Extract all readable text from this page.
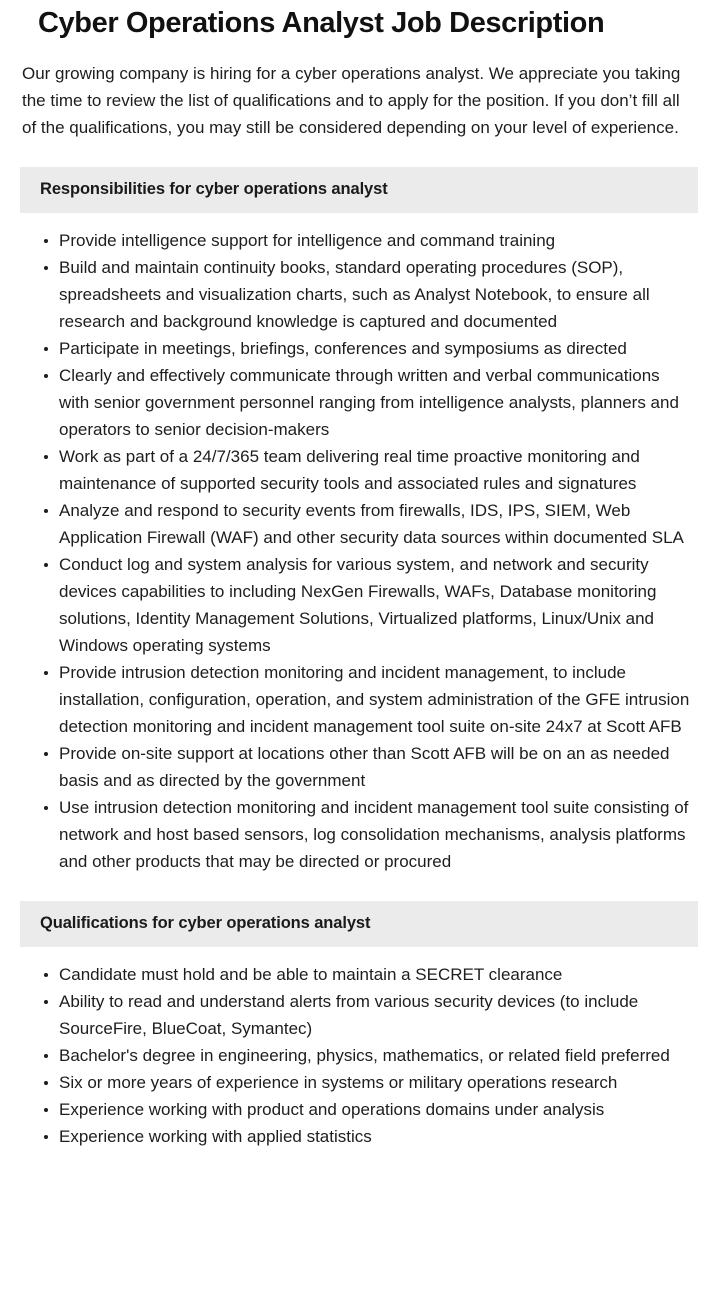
Cyber Operations Analyst Job Description

Our growing company is hiring for a cyber operations analyst. We appreciate you taking the time to review the list of qualifications and to apply for the position. If you don’t fill all of the qualifications, you may still be considered depending on your level of experience.

Responsibilities for cyber operations analyst
Provide intelligence support for intelligence and command training
Build and maintain continuity books, standard operating procedures (SOP), spreadsheets and visualization charts, such as Analyst Notebook, to ensure all research and background knowledge is captured and documented
Participate in meetings, briefings, conferences and symposiums as directed
Clearly and effectively communicate through written and verbal communications with senior government personnel ranging from intelligence analysts, planners and operators to senior decision-makers
Work as part of a 24/7/365 team delivering real time proactive monitoring and maintenance of supported security tools and associated rules and signatures
Analyze and respond to security events from firewalls, IDS, IPS, SIEM, Web Application Firewall (WAF) and other security data sources within documented SLA
Conduct log and system analysis for various system, and network and security devices capabilities to including NexGen Firewalls, WAFs, Database monitoring solutions, Identity Management Solutions, Virtualized platforms, Linux/Unix and Windows operating systems
Provide intrusion detection monitoring and incident management, to include installation, configuration, operation, and system administration of the GFE intrusion detection monitoring and incident management tool suite on-site 24x7 at Scott AFB
Provide on-site support at locations other than Scott AFB will be on an as needed basis and as directed by the government
Use intrusion detection monitoring and incident management tool suite consisting of network and host based sensors, log consolidation mechanisms, analysis platforms and other products that may be directed or procured
Qualifications for cyber operations analyst
Candidate must hold and be able to maintain a SECRET clearance
Ability to read and understand alerts from various security devices (to include SourceFire, BlueCoat, Symantec)
Bachelor's degree in engineering, physics, mathematics, or related field preferred
Six or more years of experience in systems or military operations research
Experience working with product and operations domains under analysis
Experience working with applied statistics
